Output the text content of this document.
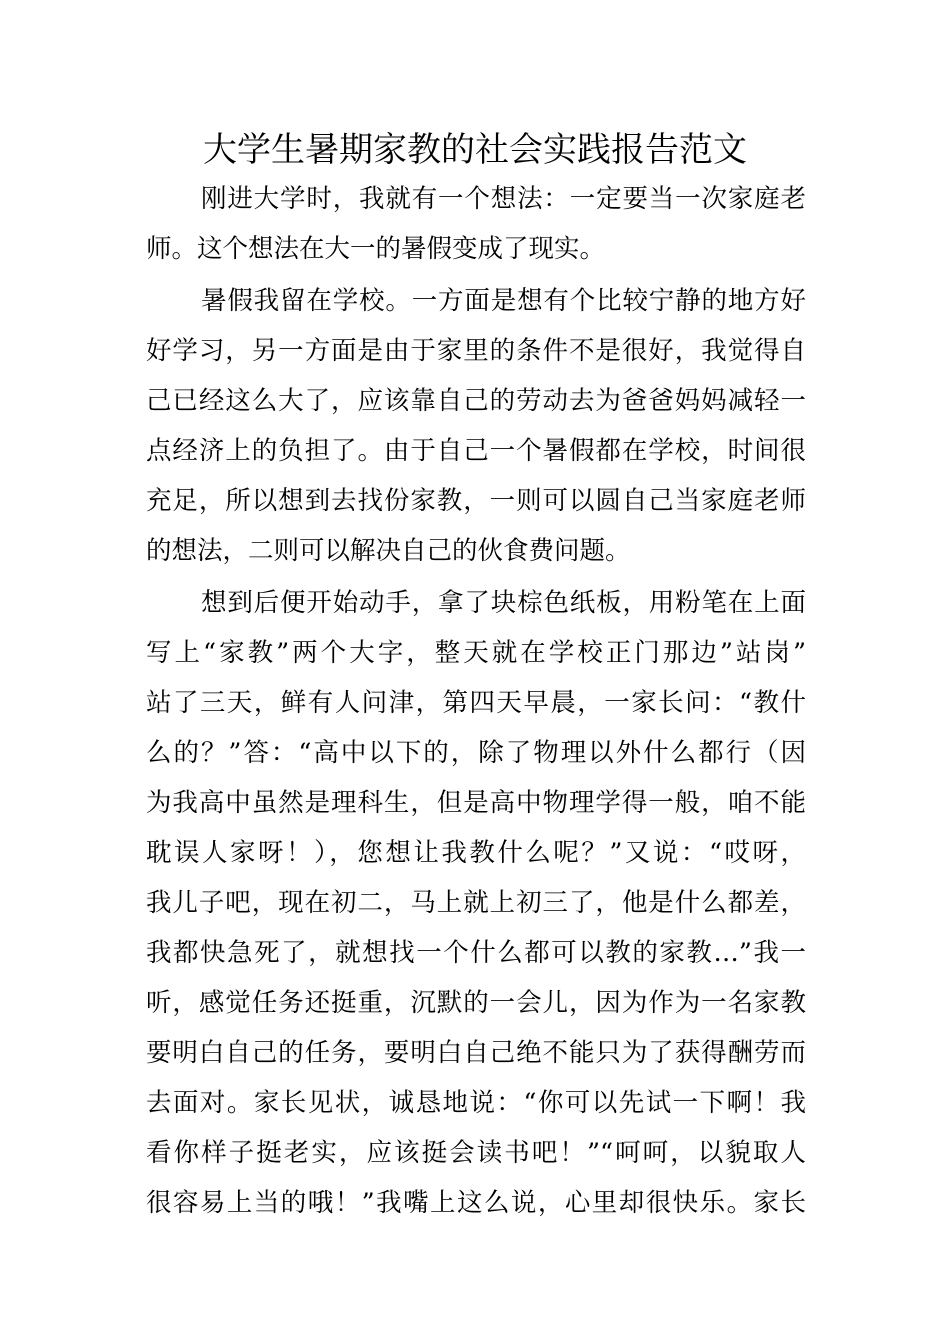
大学生暑期家教的社会实践报告范文
刚进大学时，我就有一个想法：一定要当一次家庭老
师。这个想法在大一的暑假变成了现实。
暑假我留在学校。一方面是想有个比较宁静的地方好
好学习，另一方面是由于家里的条件不是很好，我觉得自
己已经这么大了，应该靠自己的劳动去为爸爸妈妈减轻一
点经济上的负担了。由于自己一个暑假都在学校，时间很
充足，所以想到去找份家教，一则可以圆自己当家庭老师
的想法，二则可以解决自己的伙食费问题。
想到后便开始动手，拿了块棕色纸板，用粉笔在上面
写上“家教”两个大字，整天就在学校正门那边”站岗”
站了三天，鲜有人问津，第四天早晨，一家长问：“教什
么的？”答：“高中以下的，除了物理以外什么都行（因
为我高中虽然是理科生，但是高中物理学得一般，咱不能
耽误人家呀！），您想让我教什么呢？”又说：“哎呀，
我儿子吧，现在初二，马上就上初三了，他是什么都差，
我都快急死了，就想找一个什么都可以教的家教…”我一
听，感觉任务还挺重，沉默的一会儿，因为作为一名家教
要明白自己的任务，要明白自己绝不能只为了获得酬劳而
去面对。家长见状，诚恳地说：“你可以先试一下啊！我
看你样子挺老实，应该挺会读书吧！”“呵呵，以貌取人
很容易上当的哦！”我嘴上这么说，心里却很快乐。家长
